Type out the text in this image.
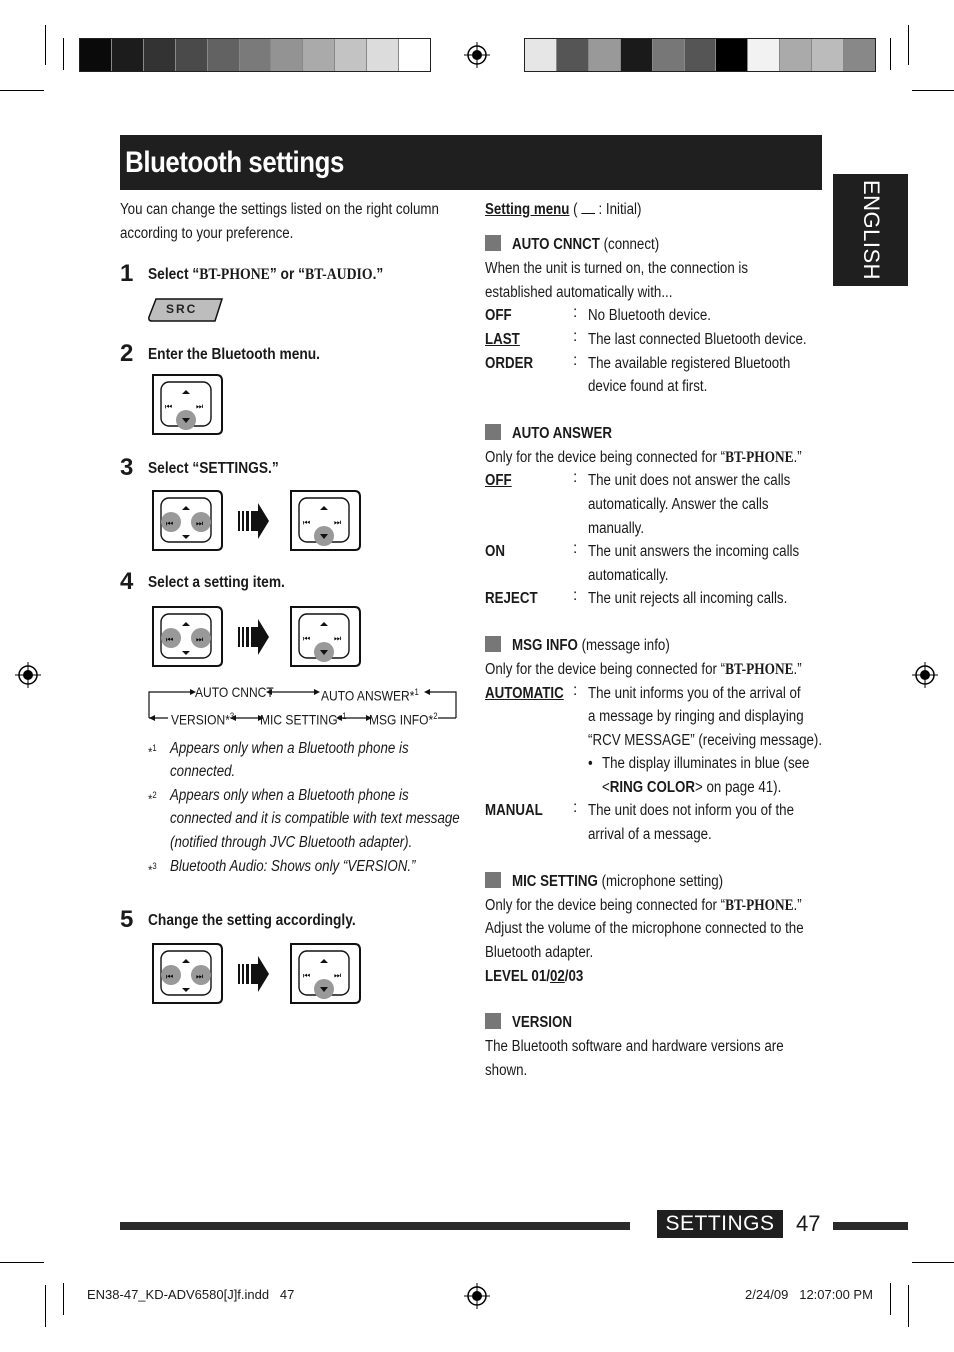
Bluetooth settings
ENGLISH
You can change the settings listed on the right column
according to your preference.
1 Select “BT-PHONE” or “BT-AUDIO.”
SRC
2 Enter the Bluetooth menu.
⏮	⏭
3 Select “SETTINGS.”
⏮	⏭	⏮	⏭
4 Select a setting item.
⏮	⏭	⏮	⏭
AUTO CNNCT	AUTO ANSWER*$^1$
VERSION*$^3$ MIC SETTING*$^1$ MSG INFO*$^2$
*$^1$ Appears only when a Bluetooth phone is
connected.
*$^2$ Appears only when a Bluetooth phone is
connected and it is compatible with text message
(notified through JVC Bluetooth adapter).
*$^3$ Bluetooth Audio: Shows only “VERSION.”
5 Change the setting accordingly.
⏮	⏭	⏮	⏭
Setting menu ( : Initial)
AUTO CNNCT (connect)
When the unit is turned on, the connection is
established automatically with...
OFF	: No Bluetooth device.
LAST	: The last connected Bluetooth device.
ORDER	: The available registered Bluetooth
device found at first.
AUTO ANSWER
Only for the device being connected for “BT-PHONE.”
OFF	: The unit does not answer the calls
automatically. Answer the calls
manually.
ON	: The unit answers the incoming calls
automatically.
REJECT : The unit rejects all incoming calls.
MSG INFO (message info)
Only for the device being connected for “BT-PHONE.”
AUTOMATIC : The unit informs you of the arrival of
a message by ringing and displaying
“RCV MESSAGE” (receiving message).
• The display illuminates in blue (see
<RING COLOR> on page 41).
MANUAL : The unit does not inform you of the
arrival of a message.
MIC SETTING (microphone setting)
Only for the device being connected for “BT-PHONE.”
Adjust the volume of the microphone connected to the
Bluetooth adapter.
LEVEL 01/02/03
VERSION
The Bluetooth software and hardware versions are
shown.
SETTINGS 47
EN38-47_KD-ADV6580[J]f.indd   47	2/24/09   12:07:00 PM
